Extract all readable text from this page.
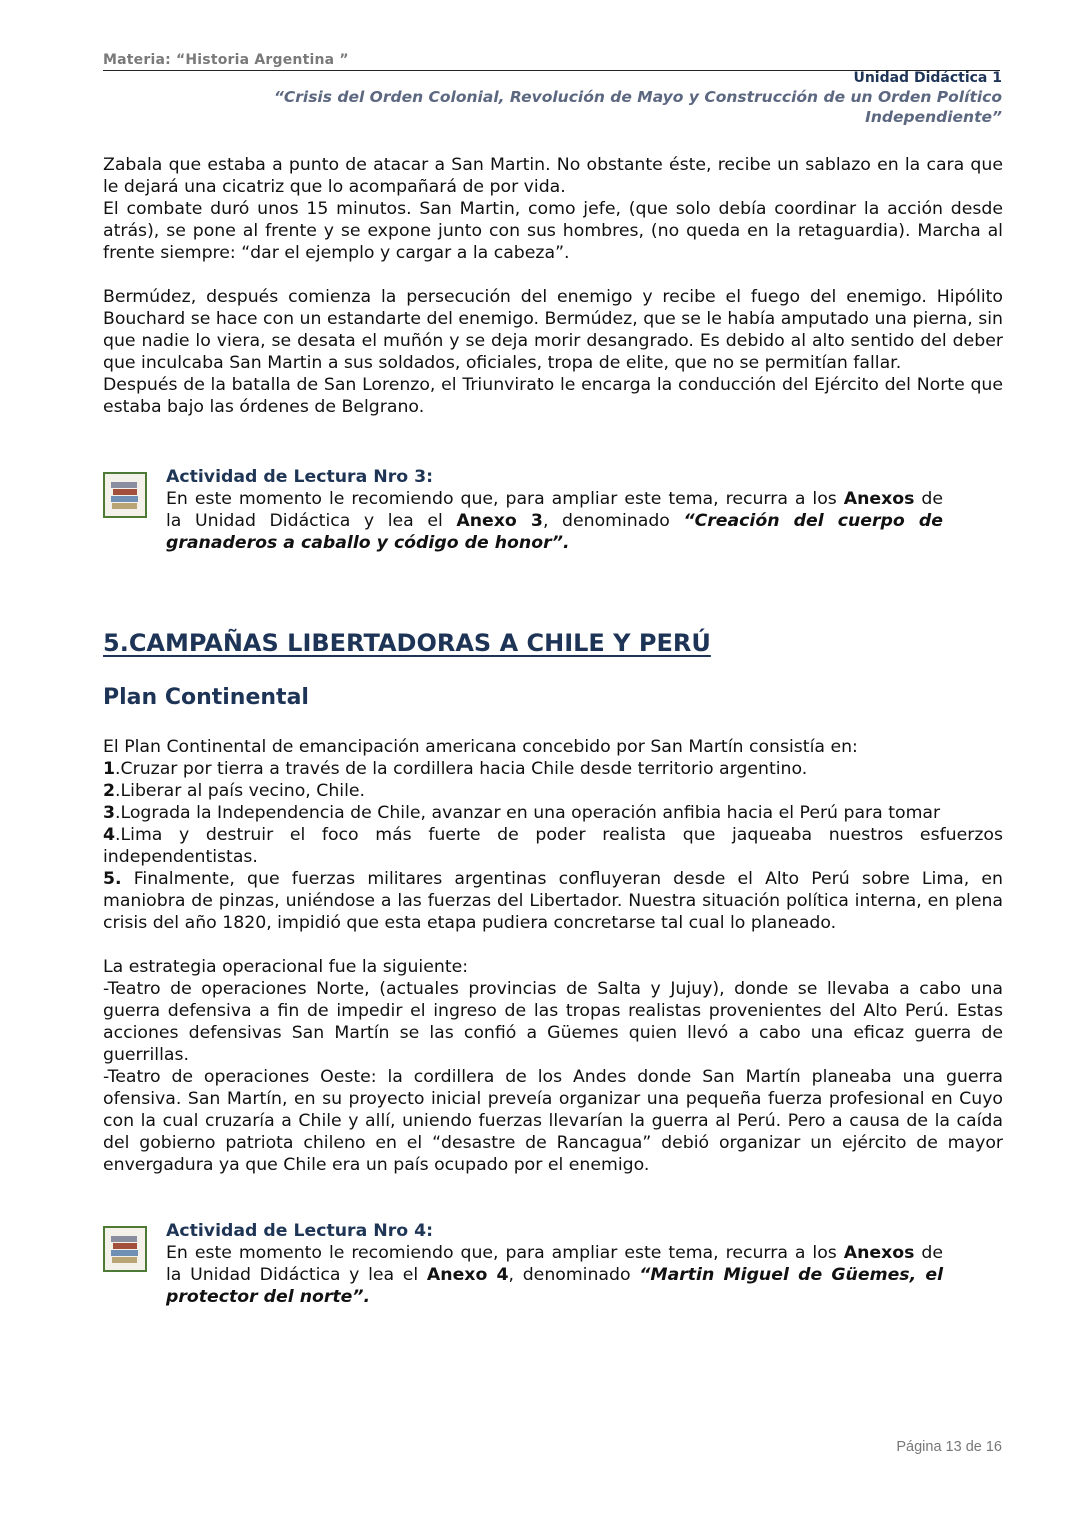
Materia: “Historia Argentina ”
Unidad Didáctica 1
“Crisis del Orden Colonial, Revolución de Mayo y Construcción de un Orden Político
Independiente”

Zabala que estaba a punto de atacar a San Martin. No obstante éste, recibe un sablazo en la cara que le dejará una cicatriz que lo acompañará de por vida.

El combate duró unos 15 minutos. San Martin, como jefe, (que solo debía coordinar la acción desde atrás), se pone al frente y se expone junto con sus hombres, (no queda en la retaguardia). Marcha al frente siempre: “dar el ejemplo y cargar a la cabeza”.

Bermúdez, después comienza la persecución del enemigo y recibe el fuego del enemigo. Hipólito Bouchard se hace con un estandarte del enemigo. Bermúdez, que se le había amputado una pierna, sin que nadie lo viera, se desata el muñón y se deja morir desangrado. Es debido al alto sentido del deber que inculcaba San Martin a sus soldados, oficiales, tropa de elite, que no se permitían fallar.

Después de la batalla de San Lorenzo, el Triunvirato le encarga la conducción del Ejército del Norte que estaba bajo las órdenes de Belgrano.

Actividad de Lectura Nro 3:
En este momento le recomiendo que, para ampliar este tema, recurra a los Anexos de la Unidad Didáctica y lea el Anexo 3, denominado “Creación del cuerpo de granaderos a caballo y código de honor”.
5.CAMPAÑAS LIBERTADORAS A CHILE Y PERÚ
Plan Continental

El Plan Continental de emancipación americana concebido por San Martín consistía en:

1.Cruzar por tierra a través de la cordillera hacia Chile desde territorio argentino.

2.Liberar al país vecino, Chile.

3.Lograda la Independencia de Chile, avanzar en una operación anfibia hacia el Perú para tomar

4.Lima y destruir el foco más fuerte de poder realista que jaqueaba nuestros esfuerzos independentistas.

5. Finalmente, que fuerzas militares argentinas confluyeran desde el Alto Perú sobre Lima, en maniobra de pinzas, uniéndose a las fuerzas del Libertador. Nuestra situación política interna, en plena crisis del año 1820, impidió que esta etapa pudiera concretarse tal cual lo planeado.

La estrategia operacional fue la siguiente:

-Teatro de operaciones Norte, (actuales provincias de Salta y Jujuy), donde se llevaba a cabo una guerra defensiva a fin de impedir el ingreso de las tropas realistas provenientes del Alto Perú. Estas acciones defensivas San Martín se las confió a Güemes quien llevó a cabo una eficaz guerra de guerrillas.

-Teatro de operaciones Oeste: la cordillera de los Andes donde San Martín planeaba una guerra ofensiva. San Martín, en su proyecto inicial preveía organizar una pequeña fuerza profesional en Cuyo con la cual cruzaría a Chile y allí, uniendo fuerzas llevarían la guerra al Perú. Pero a causa de la caída del gobierno patriota chileno en el “desastre de Rancagua” debió organizar un ejército de mayor envergadura ya que Chile era un país ocupado por el enemigo.

Actividad de Lectura Nro 4:
En este momento le recomiendo que, para ampliar este tema, recurra a los Anexos de la Unidad Didáctica y lea el Anexo 4, denominado “Martin Miguel de Güemes, el protector del norte”.
Página 13 de 16
